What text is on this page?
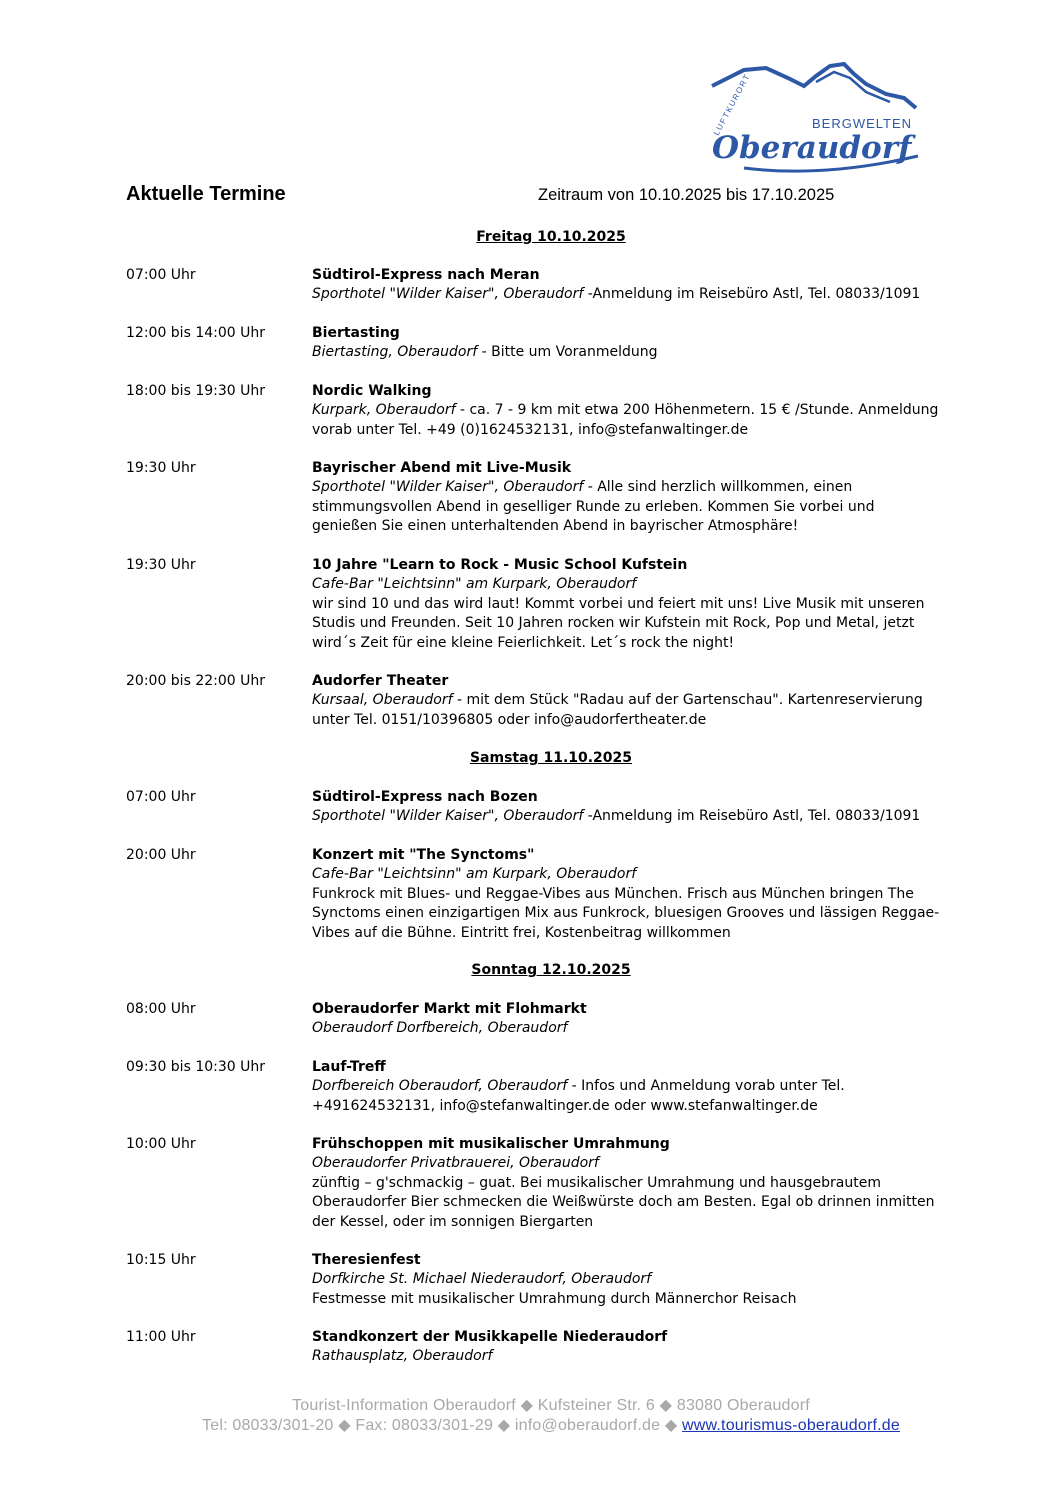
LUFTKURORT	BERGWELTEN
Oberaudorf
Aktuelle Termine	Zeitraum von 10.10.2025 bis 17.10.2025
Freitag 10.10.2025
07:00 Uhr	Südtirol-Express nach Meran
Sporthotel "Wilder Kaiser", Oberaudorf -Anmeldung im Reisebüro Astl, Tel. 08033/1091
12:00 bis 14:00 Uhr	Biertasting
Biertasting, Oberaudorf - Bitte um Voranmeldung
18:00 bis 19:30 Uhr	Nordic Walking
Kurpark, Oberaudorf - ca. 7 - 9 km mit etwa 200 Höhenmetern. 15 € /Stunde. Anmeldung vorab unter Tel. +49 (0)1624532131, info@stefanwaltinger.de
19:30 Uhr	Bayrischer Abend mit Live-Musik
Sporthotel "Wilder Kaiser", Oberaudorf - Alle sind herzlich willkommen, einen stimmungsvollen Abend in geselliger Runde zu erleben. Kommen Sie vorbei und genießen Sie einen unterhaltenden Abend in bayrischer Atmosphäre!
19:30 Uhr	10 Jahre "Learn to Rock - Music School Kufstein
Cafe-Bar "Leichtsinn" am Kurpark, Oberaudorf
wir sind 10 und das wird laut! Kommt vorbei und feiert mit uns! Live Musik mit unseren Studis und Freunden. Seit 10 Jahren rocken wir Kufstein mit Rock, Pop und Metal, jetzt wird´s Zeit für eine kleine Feierlichkeit. Let´s rock the night!
20:00 bis 22:00 Uhr	Audorfer Theater
Kursaal, Oberaudorf - mit dem Stück "Radau auf der Gartenschau". Kartenreservierung unter Tel. 0151/10396805 oder info@audorfertheater.de
Samstag 11.10.2025
07:00 Uhr	Südtirol-Express nach Bozen
Sporthotel "Wilder Kaiser", Oberaudorf -Anmeldung im Reisebüro Astl, Tel. 08033/1091
20:00 Uhr	Konzert mit "The Synctoms"
Cafe-Bar "Leichtsinn" am Kurpark, Oberaudorf
Funkrock mit Blues- und Reggae-Vibes aus München. Frisch aus München bringen The Synctoms einen einzigartigen Mix aus Funkrock, bluesigen Grooves und lässigen Reggae-Vibes auf die Bühne. Eintritt frei, Kostenbeitrag willkommen
Sonntag 12.10.2025
08:00 Uhr	Oberaudorfer Markt mit Flohmarkt
Oberaudorf Dorfbereich, Oberaudorf
09:30 bis 10:30 Uhr	Lauf-Treff
Dorfbereich Oberaudorf, Oberaudorf - Infos und Anmeldung vorab unter Tel. +491624532131, info@stefanwaltinger.de oder www.stefanwaltinger.de
10:00 Uhr	Frühschoppen mit musikalischer Umrahmung
Oberaudorfer Privatbrauerei, Oberaudorf
zünftig – g'schmackig – guat. Bei musikalischer Umrahmung und hausgebrautem Oberaudorfer Bier schmecken die Weißwürste doch am Besten. Egal ob drinnen inmitten der Kessel, oder im sonnigen Biergarten
10:15 Uhr	Theresienfest
Dorfkirche St. Michael Niederaudorf, Oberaudorf
Festmesse mit musikalischer Umrahmung durch Männerchor Reisach
11:00 Uhr	Standkonzert der Musikkapelle Niederaudorf
Rathausplatz, Oberaudorf
Tourist-Information Oberaudorf ◆ Kufsteiner Str. 6 ◆ 83080 Oberaudorf
Tel: 08033/301-20 ◆ Fax: 08033/301-29 ◆ info@oberaudorf.de ◆ www.tourismus-oberaudorf.de
